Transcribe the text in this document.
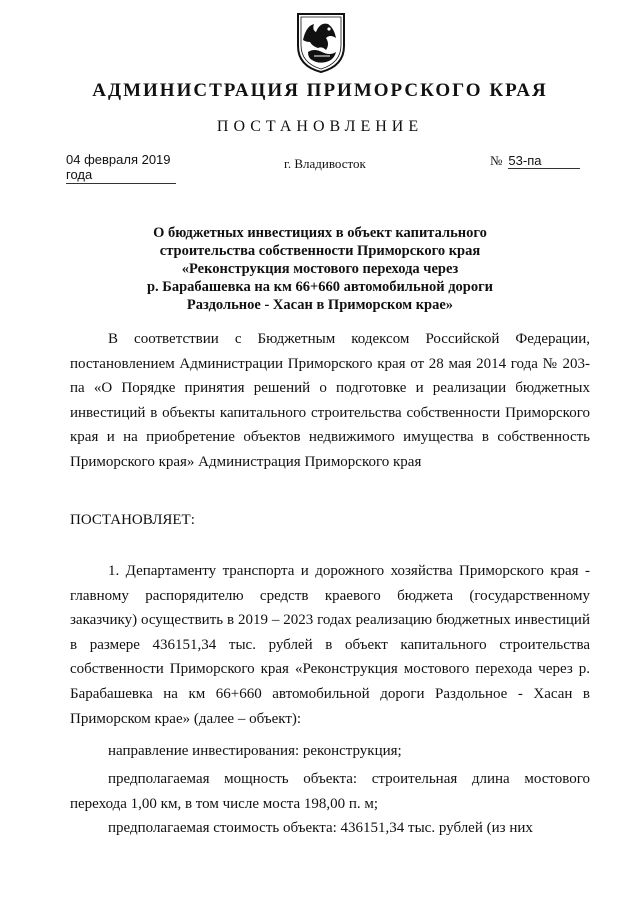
АДМИНИСТРАЦИЯ ПРИМОРСКОГО КРАЯ
ПОСТАНОВЛЕНИЕ
04 февраля 2019 года
г. Владивосток	№ 53-па
О бюджетных инвестициях в объект капитального
строительства собственности Приморского края
«Реконструкция мостового перехода через
р. Барабашевка на км 66+660 автомобильной дороги
Раздольное - Хасан в Приморском крае»
В соответствии с Бюджетным кодексом Российской Федерации, постановлением Администрации Приморского края от 28 мая 2014 года № 203-па «О Порядке принятия решений о подготовке и реализации бюджетных инвестиций в объекты капитального строительства собственности Приморского края и на приобретение объектов недвижимого имущества в собственность Приморского края» Администрация Приморского края
ПОСТАНОВЛЯЕТ:
1. Департаменту транспорта и дорожного хозяйства Приморского края - главному распорядителю средств краевого бюджета (государственному заказчику) осуществить в 2019 – 2023 годах реализацию бюджетных инвестиций в размере 436151,34 тыс. рублей в объект капитального строительства собственности Приморского края «Реконструкция мостового перехода через р. Барабашевка на км 66+660 автомобильной дороги Раздольное - Хасан в Приморском крае» (далее – объект):
направление инвестирования: реконструкция;
предполагаемая мощность объекта: строительная длина мостового перехода 1,00 км, в том числе моста 198,00 п. м;
предполагаемая стоимость объекта: 436151,34 тыс. рублей (из них
